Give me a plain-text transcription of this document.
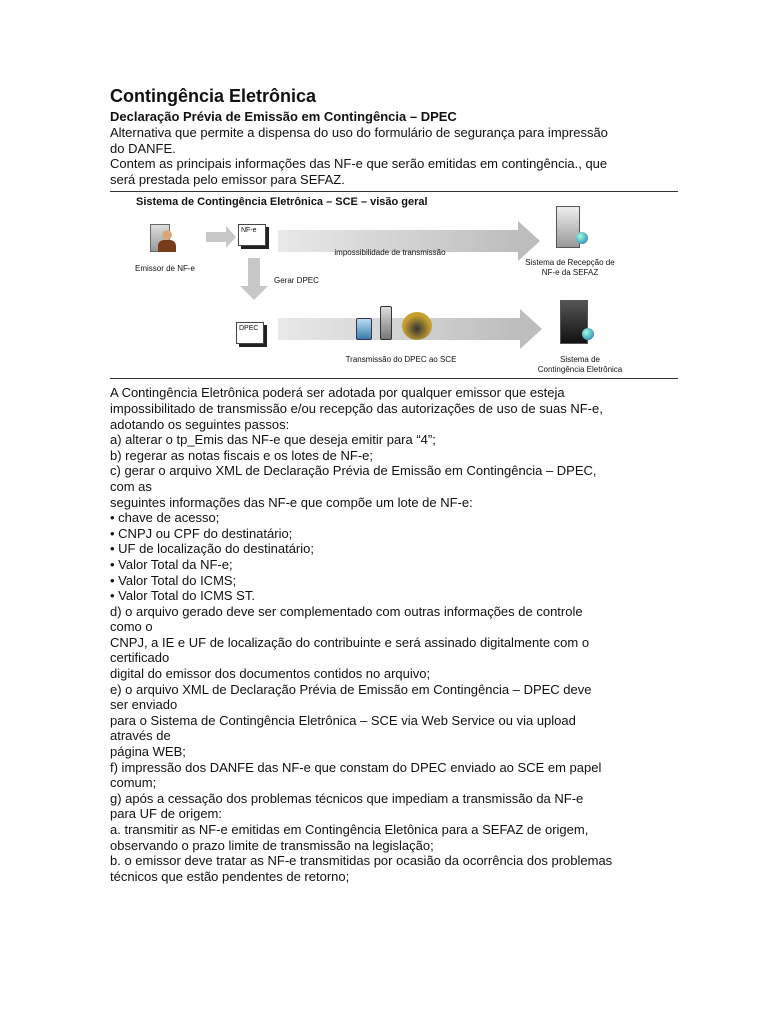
Contingência Eletrônica
Declaração Prévia de Emissão em Contingência – DPEC
Alternativa que permite a dispensa do uso do formulário de segurança para impressão
do DANFE.
Contem as principais informações das NF-e que serão emitidas em contingência., que
será prestada pelo emissor para SEFAZ.
Sistema de Contingência Eletrônica – SCE – visão geral
Emissor de NF-e
NF-e
impossibilidade de transmissão
Sistema de Recepção de
NF-e da SEFAZ
Gerar DPEC
DPEC
Transmissão do DPEC ao SCE	Sistema de
Contingência Eletrônica
A Contingência Eletrônica poderá ser adotada por qualquer emissor que esteja
impossibilitado de transmissão e/ou recepção das autorizações de uso de suas NF-e,
adotando os seguintes passos:
a) alterar o tp_Emis das NF-e que deseja emitir para “4”;
b) regerar as notas fiscais e os lotes de NF-e;
c) gerar o arquivo XML de Declaração Prévia de Emissão em Contingência – DPEC,
com as
seguintes informações das NF-e que compõe um lote de NF-e:
• chave de acesso;
• CNPJ ou CPF do destinatário;
• UF de localização do destinatário;
• Valor Total da NF-e;
• Valor Total do ICMS;
• Valor Total do ICMS ST.
d) o arquivo gerado deve ser complementado com outras informações de controle
como o
CNPJ, a IE e UF de localização do contribuinte e será assinado digitalmente com o
certificado
digital do emissor dos documentos contidos no arquivo;
e) o arquivo XML de Declaração Prévia de Emissão em Contingência – DPEC deve
ser enviado
para o Sistema de Contingência Eletrônica – SCE via Web Service ou via upload
através de
página WEB;
f) impressão dos DANFE das NF-e que constam do DPEC enviado ao SCE em papel
comum;
g) após a cessação dos problemas técnicos que impediam a transmissão da NF-e
para UF de origem:
a. transmitir as NF-e emitidas em Contingência Eletônica para a SEFAZ de origem,
observando o prazo limite de transmissão na legislação;
b. o emissor deve tratar as NF-e transmitidas por ocasião da ocorrência dos problemas
técnicos que estão pendentes de retorno;
